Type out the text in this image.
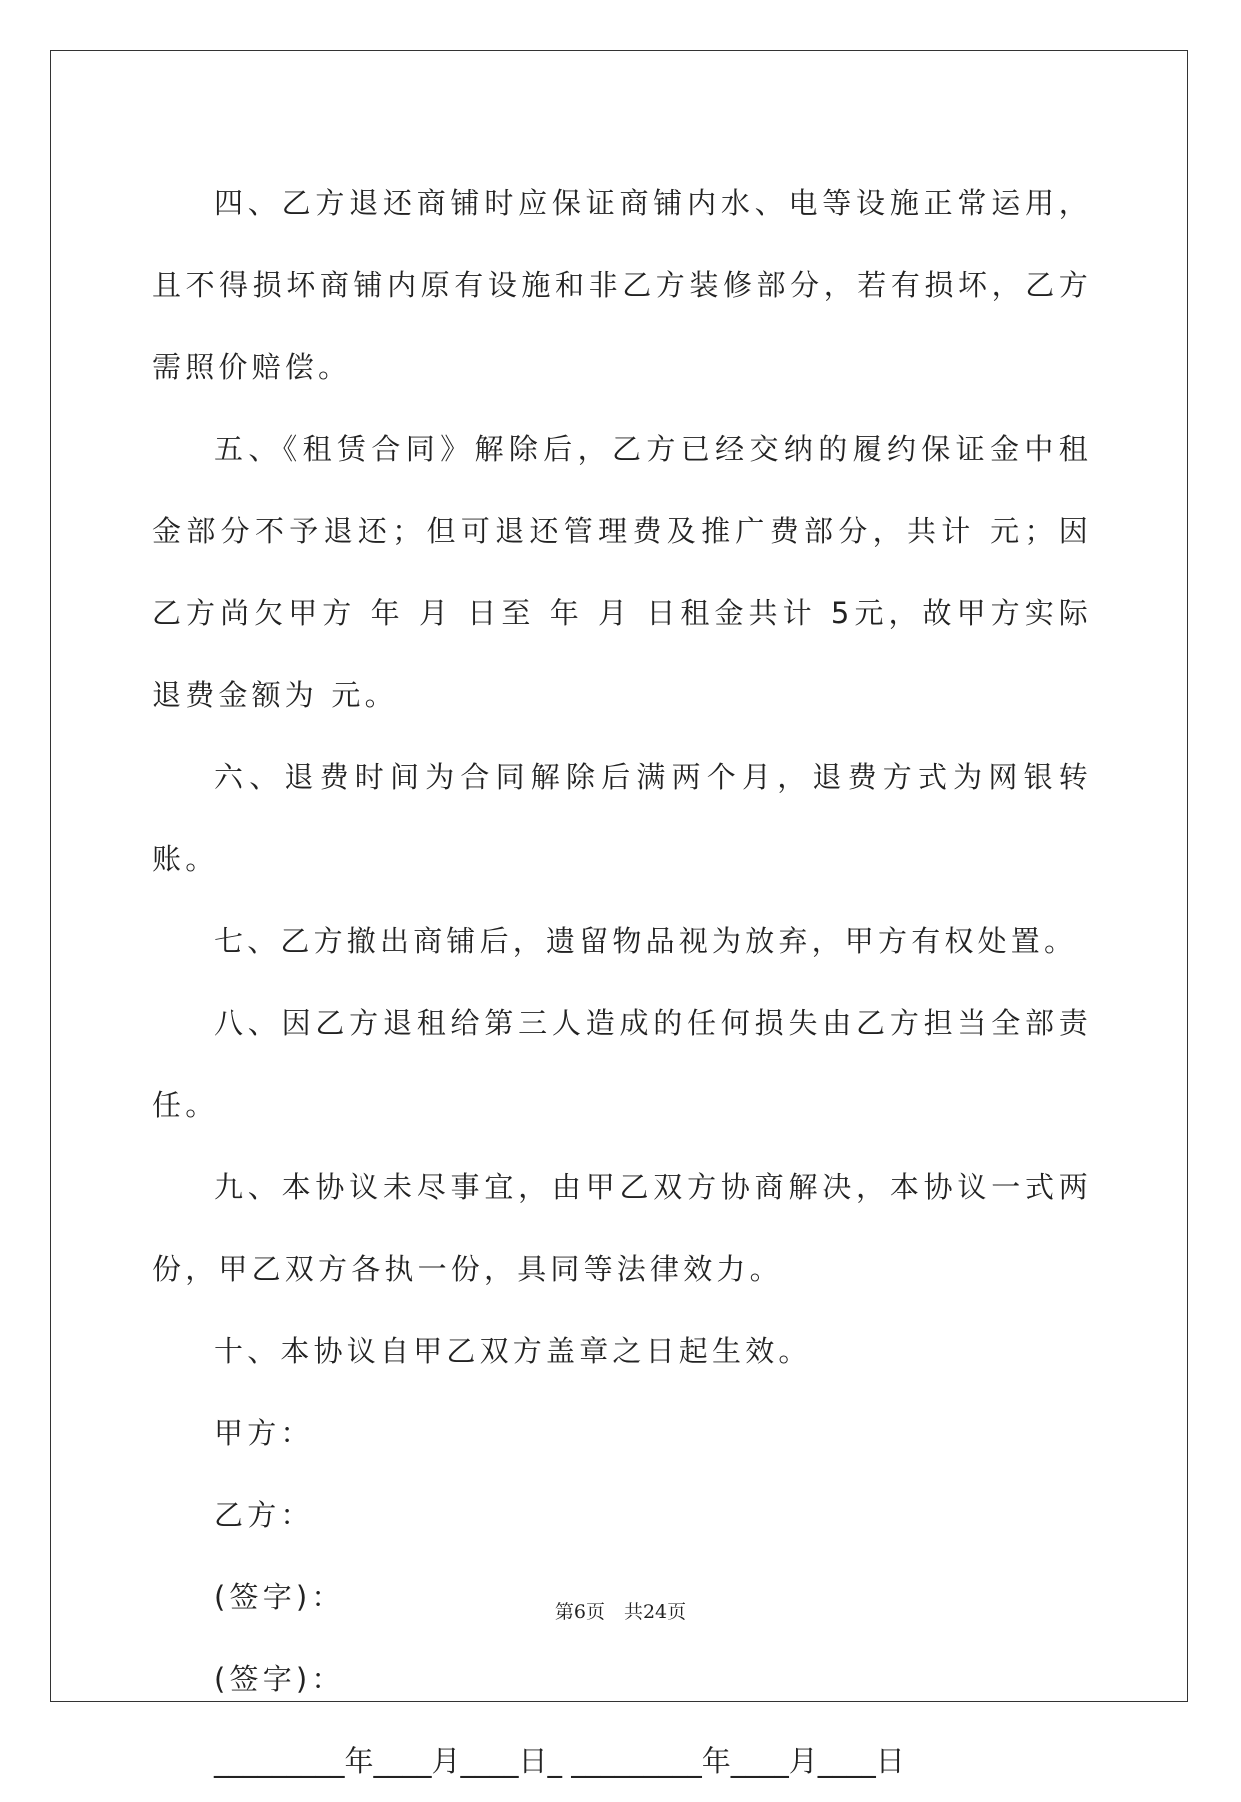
四、乙方退还商铺时应保证商铺内水、电等设施正常运用，且不得损坏商铺内原有设施和非乙方装修部分，若有损坏，乙方需照价赔偿。

五、《租赁合同》解除后，乙方已经交纳的履约保证金中租金部分不予退还；但可退还管理费及推广费部分，共计 元；因乙方尚欠甲方 年 月 日至 年 月 日租金共计 5元，故甲方实际退费金额为 元。

六、退费时间为合同解除后满两个月，退费方式为网银转账。

七、乙方撤出商铺后，遗留物品视为放弃，甲方有权处置。

八、因乙方退租给第三人造成的任何损失由乙方担当全部责任。

九、本协议未尽事宜，由甲乙双方协商解决，本协议一式两份，甲乙双方各执一份，具同等法律效力。

十、本协议自甲乙双方盖章之日起生效。

甲方：

乙方：

(签字)：

(签字)：

_________年____月____日_ _________年____月____日

第6页　共24页
